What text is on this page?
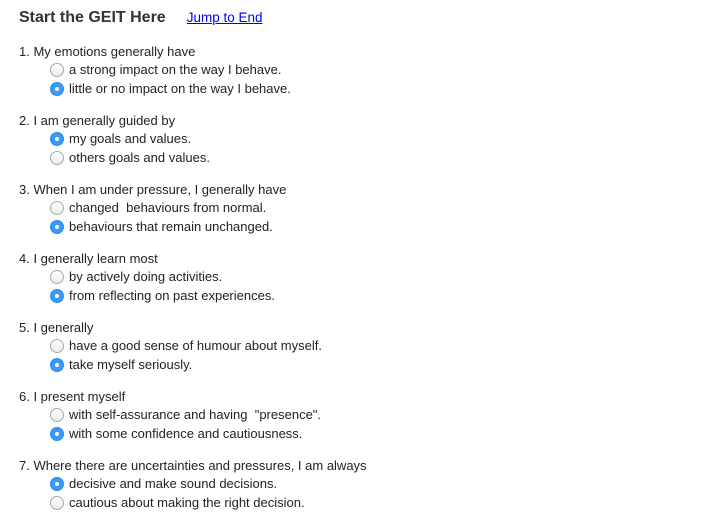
Start the GEIT Here Jump to End
1. My emotions generally have
a strong impact on the way I behave.
little or no impact on the way I behave.
2. I am generally guided by
my goals and values.
others goals and values.
3. When I am under pressure, I generally have
changed  behaviours from normal.
behaviours that remain unchanged.
4. I generally learn most
by actively doing activities.
from reflecting on past experiences.
5. I generally
have a good sense of humour about myself.
take myself seriously.
6. I present myself
with self-assurance and having  "presence".
with some confidence and cautiousness.
7. Where there are uncertainties and pressures, I am always
decisive and make sound decisions.
cautious about making the right decision.
